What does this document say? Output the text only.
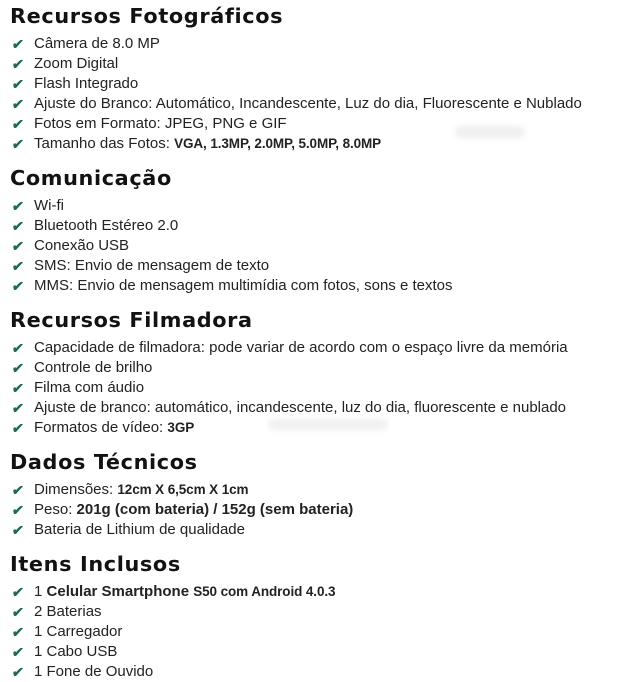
Recursos Fotográficos
✔ Câmera de 8.0 MP
✔ Zoom Digital
✔ Flash Integrado
✔ Ajuste do Branco: Automático, Incandescente, Luz do dia, Fluorescente e Nublado
✔ Fotos em Formato: JPEG, PNG e GIF
✔ Tamanho das Fotos: VGA, 1.3MP, 2.0MP, 5.0MP, 8.0MP
Comunicação
✔ Wi-fi
✔ Bluetooth Estéreo 2.0
✔ Conexão USB
✔ SMS: Envio de mensagem de texto
✔ MMS: Envio de mensagem multimídia com fotos, sons e textos
Recursos Filmadora
✔ Capacidade de filmadora: pode variar de acordo com o espaço livre da memória
✔ Controle de brilho
✔ Filma com áudio
✔ Ajuste de branco: automático, incandescente, luz do dia, fluorescente e nublado
✔ Formatos de vídeo: 3GP
Dados Técnicos
✔ Dimensões: 12cm X 6,5cm X 1cm
✔ Peso: 201g (com bateria) / 152g (sem bateria)
✔ Bateria de Lithium de qualidade
Itens Inclusos
✔ 1 Celular Smartphone S50 com Android 4.0.3
✔ 2 Baterias
✔ 1 Carregador
✔ 1 Cabo USB
✔ 1 Fone de Ouvido
